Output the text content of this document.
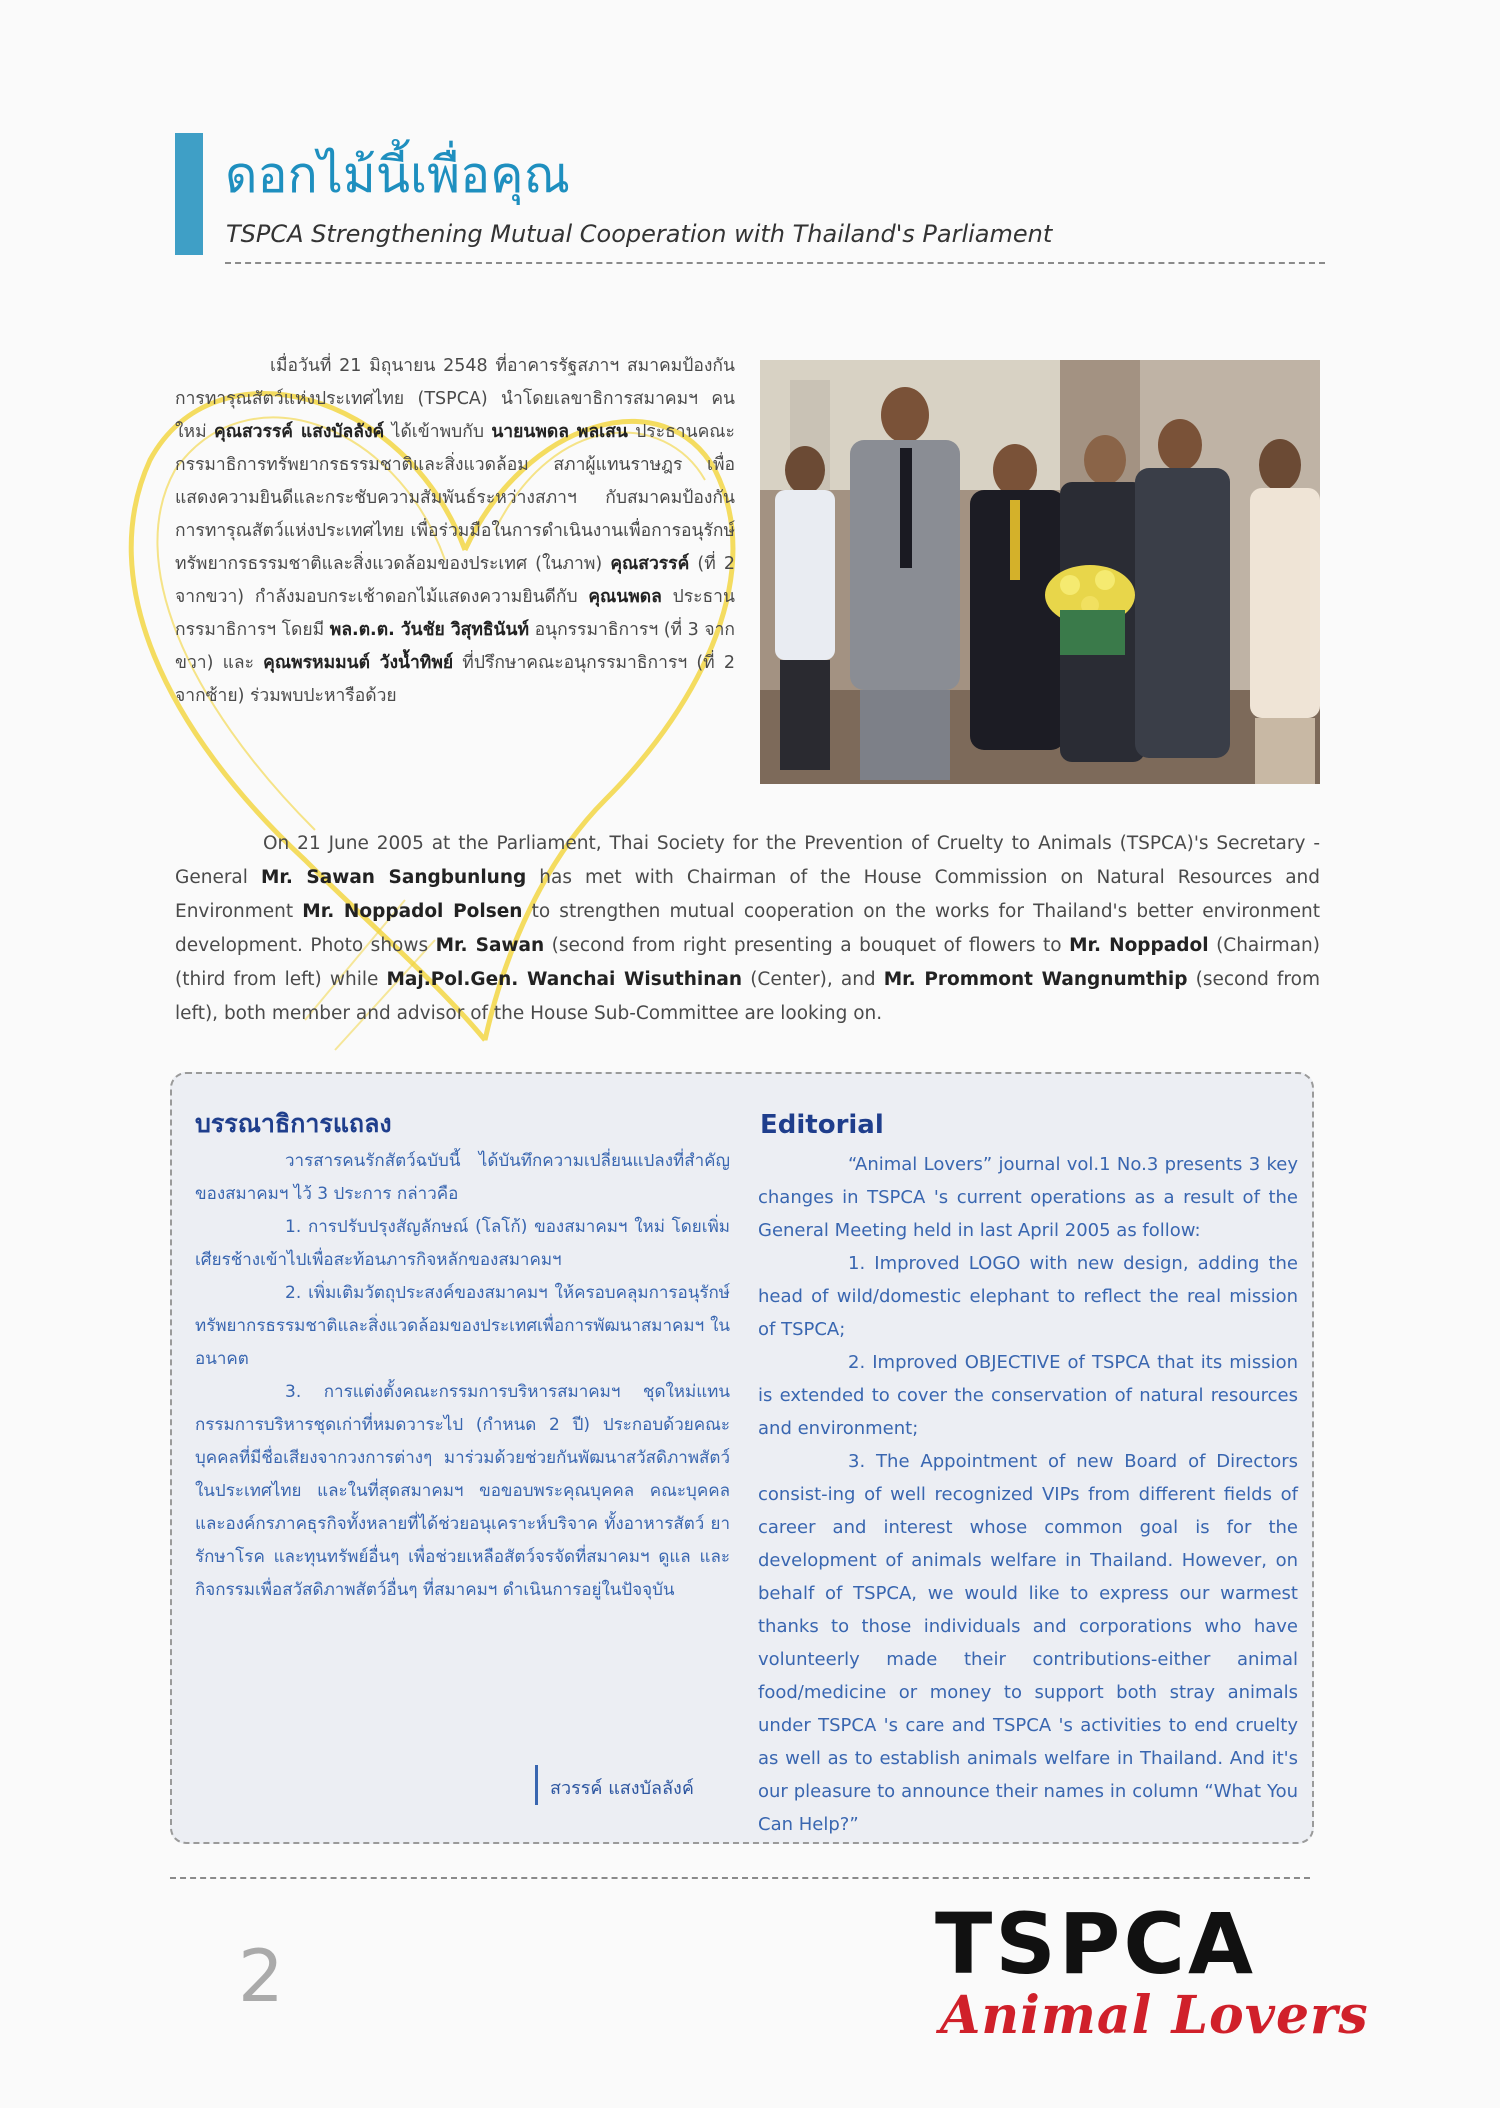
ดอกไม้นี้เพื่อคุณ
TSPCA Strengthening Mutual Cooperation with Thailand's Parliament
เมื่อวันที่ 21 มิถุนายน 2548 ที่อาคารรัฐสภาฯ สมาคมป้องกันการทารุณสัตว์แห่งประเทศไทย (TSPCA) นำโดยเลขาธิการสมาคมฯ คนใหม่ คุณสวรรค์ แสงบัลลังค์ ได้เข้าพบกับ นายนพดล พลเสน ประธานคณะกรรมาธิการทรัพยากรธรรมชาติและสิ่งแวดล้อม สภาผู้แทนราษฎร เพื่อแสดงความยินดีและกระชับความสัมพันธ์ระหว่างสภาฯ กับสมาคมป้องกันการทารุณสัตว์แห่งประเทศไทย เพื่อร่วมมือในการดำเนินงานเพื่อการอนุรักษ์ทรัพยากรธรรมชาติและสิ่งแวดล้อมของประเทศ (ในภาพ) คุณสวรรค์ (ที่ 2 จากขวา) กำลังมอบกระเช้าดอกไม้แสดงความยินดีกับ คุณนพดล ประธานกรรมาธิการฯ โดยมี พล.ต.ต. วันชัย วิสุทธินันท์ อนุกรรมาธิการฯ (ที่ 3 จากขวา) และ คุณพรหมมนต์ วังน้ำทิพย์ ที่ปรึกษาคณะอนุกรรมาธิการฯ (ที่ 2 จากซ้าย) ร่วมพบปะหารือด้วย
On 21 June 2005 at the Parliament, Thai Society for the Prevention of Cruelty to Animals (TSPCA)'s Secretary - General Mr. Sawan Sangbunlung has met with Chairman of the House Commission on Natural Resources and Environment Mr. Noppadol Polsen to strengthen mutual cooperation on the works for Thailand's better environment development. Photo shows Mr. Sawan (second from right presenting a bouquet of flowers to Mr. Noppadol (Chairman) (third from left) while Maj.Pol.Gen. Wanchai Wisuthinan (Center), and Mr. Prommont Wangnumthip (second from left), both member and advisor of the House Sub-Committee are looking on.
บรรณาธิการแถลง

วารสารคนรักสัตว์ฉบับนี้ ได้บันทึกความเปลี่ยนแปลงที่สำคัญของสมาคมฯ ไว้ 3 ประการ กล่าวคือ

1. การปรับปรุงสัญลักษณ์ (โลโก้) ของสมาคมฯ ใหม่ โดยเพิ่มเศียรช้างเข้าไปเพื่อสะท้อนภารกิจหลักของสมาคมฯ

2. เพิ่มเติมวัตถุประสงค์ของสมาคมฯ ให้ครอบคลุมการอนุรักษ์ทรัพยากรธรรมชาติและสิ่งแวดล้อมของประเทศเพื่อการพัฒนาสมาคมฯ ในอนาคต

3. การแต่งตั้งคณะกรรมการบริหารสมาคมฯ ชุดใหม่แทนกรรมการบริหารชุดเก่าที่หมดวาระไป (กำหนด 2 ปี) ประกอบด้วยคณะบุคคลที่มีชื่อเสียงจากวงการต่างๆ มาร่วมด้วยช่วยกันพัฒนาสวัสดิภาพสัตว์ในประเทศไทย และในที่สุดสมาคมฯ ขอขอบพระคุณบุคคล คณะบุคคล และองค์กรภาคธุรกิจทั้งหลายที่ได้ช่วยอนุเคราะห์บริจาค ทั้งอาหารสัตว์ ยารักษาโรค และทุนทรัพย์อื่นๆ เพื่อช่วยเหลือสัตว์จรจัดที่สมาคมฯ ดูแล และกิจกรรมเพื่อสวัสดิภาพสัตว์อื่นๆ ที่สมาคมฯ ดำเนินการอยู่ในปัจจุบัน

Editorial

“Animal Lovers” journal vol.1 No.3 presents 3 key changes in TSPCA 's current operations as a result of the General Meeting held in last April 2005 as follow:

1. Improved LOGO with new design, adding the head of wild/domestic elephant to reflect the real mission of TSPCA;

2. Improved OBJECTIVE of TSPCA that its mission is extended to cover the conservation of natural resources and environment;

3. The Appointment of new Board of Directors consist-ing of well recognized VIPs from different fields of career and interest whose common goal is for the development of animals welfare in Thailand. However, on behalf of TSPCA, we would like to express our warmest thanks to those individuals and corporations who have volunteerly made their contributions-either animal food/medicine or money to support both stray animals under TSPCA 's care and TSPCA 's activities to end cruelty as well as to establish animals welfare in Thailand. And it's our pleasure to announce their names in column “What You Can Help?”

สวรรค์ แสงบัลลังค์
2	TSPCA
Animal Lovers
